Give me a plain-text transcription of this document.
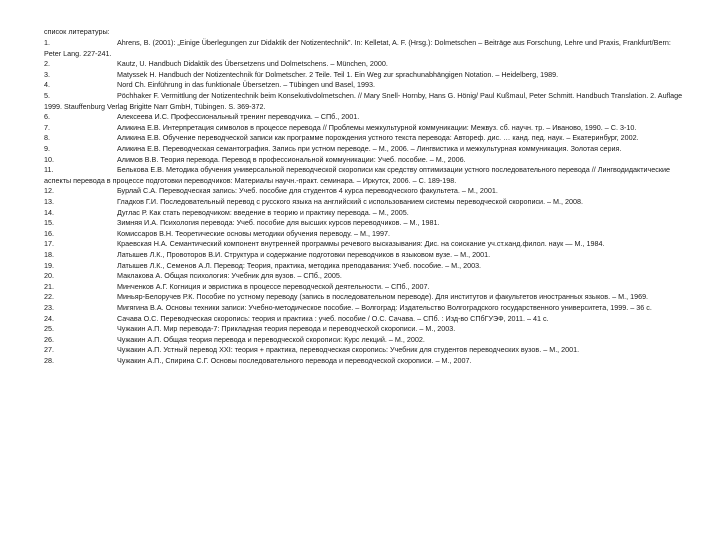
список литературы:
1.	Ahrens, B. (2001): „Einige Überlegungen zur Didaktik der Notizentechnik". In: Kelletat, A. F. (Hrsg.): Dolmetschen – Beiträge aus Forschung, Lehre und Praxis, Frankfurt/Bern: Peter Lang. 227-241.
2.	Kautz, U. Handbuch Didaktik des Übersetzens und Dolmetschens. – München, 2000.
3.	Matyssek H. Handbuch der Notizentechnik für Dolmetscher. 2 Teile. Teil 1. Ein Weg zur sprachunabhängigen Notation. – Heidelberg, 1989.
4.	Nord Ch. Einführung in das funktionale Übersetzen. – Tübingen und Basel, 1993.
5.	Pöchhaker F. Vermittlung der Notizentechnik beim Konsekutivdolmetschen. // Mary Snell- Hornby, Hans G. Hönig/ Paul Kußmaul, Peter Schmitt. Handbuch Translation. 2. Auflage 1999. Stauffenburg Verlag Brigitte Narr GmbH, Tübingen. S. 369-372.
6.	Алексеева И.С. Профессиональный тренинг переводчика. – СПб., 2001.
7.	Аликина Е.В. Интерпретация символов в процессе перевода // Проблемы межкультурной коммуникации: Межвуз. сб. научн. тр. – Иваново, 1990. – С. 3-10.
8.	Аликина Е.В. Обучение переводческой записи как программе порождения устного текста перевода: Автореф. дис. … канд. пед. наук. – Екатеринбург, 2002.
9.	Аликина Е.В. Переводческая семантография. Запись при устном переводе. – М., 2006. – Лингвистика и межкультурная коммуникация. Золотая серия.
10.	Алимов В.В. Теория перевода. Перевод в профессиональной коммуникации: Учеб. пособие. – М., 2006.
11.	Белькова Е.В. Методика обучения универсальной переводческой скорописи как средству оптимизации устного последовательного перевода // Лингводидактические аспекты перевода в процессе подготовки переводчиков: Материалы научн.-практ. семинара. – Иркутск, 2006. – С. 189-198.
12.	Бурлай С.А. Переводческая запись: Учеб. пособие для студентов 4 курса переводческого факультета. – М., 2001.
13.	Гладков Г.И. Последовательный перевод с русского языка на английский с использованием системы переводческой скорописи. – М., 2008.
14.	Дуглас Р. Как стать переводчиком: введение в теорию и практику перевода. – М., 2005.
15.	Зимняя И.А. Психология перевода: Учеб. пособие для высших курсов переводчиков. – М., 1981.
16.	Комиссаров В.Н. Теоретические основы методики обучения переводу. – М., 1997.
17.	Краевская Н.А. Семантический компонент внутренней программы речевого высказывания: Дис. на соискание уч.ст.канд.филол. наук — М., 1984.
18.	Латышев Л.К., Провоторов В.И. Структура и содержание подготовки переводчиков в языковом вузе. – М., 2001.
19.	Латышев Л.К., Семенов А.Л. Перевод: Теория, практика, методика преподавания: Учеб. пособие. – М., 2003.
20.	Маклакова А. Общая психология: Учебник для вузов. – СПб., 2005.
21.	Минченков А.Г. Когниция и эвристика в процессе переводческой деятельности. – СПб., 2007.
22.	Миньяр-Белоручев Р.К. Пособие по устному переводу (запись в последовательном переводе). Для институтов и факультетов иностранных языков. – М., 1969.
23.	Мигягина В.А. Основы техники записи: Учебно-методическое пособие. – Волгоград: Издательство Волгоградского государственного университета, 1999. – 36 с.
24.	Сачава О.С. Переводческая скоропись: теория и практика : учеб. пособие / О.С. Сачава. – СПб. : Изд-во СПбГУЭФ, 2011. – 41 с.
25.	Чужакин А.П. Мир перевода-7: Прикладная теория перевода и переводческой скорописи. – М., 2003.
26.	Чужакин А.П. Общая теория перевода и переводческой скорописи: Курс лекций. – М., 2002.
27.	Чужакин А.П. Устный перевод XXI: теория + практика, переводческая скоропись: Учебник для студентов переводческих вузов. – М., 2001.
28.	Чужакин А.П., Спирина С.Г. Основы последовательного перевода и переводческой скорописи. – М., 2007.
